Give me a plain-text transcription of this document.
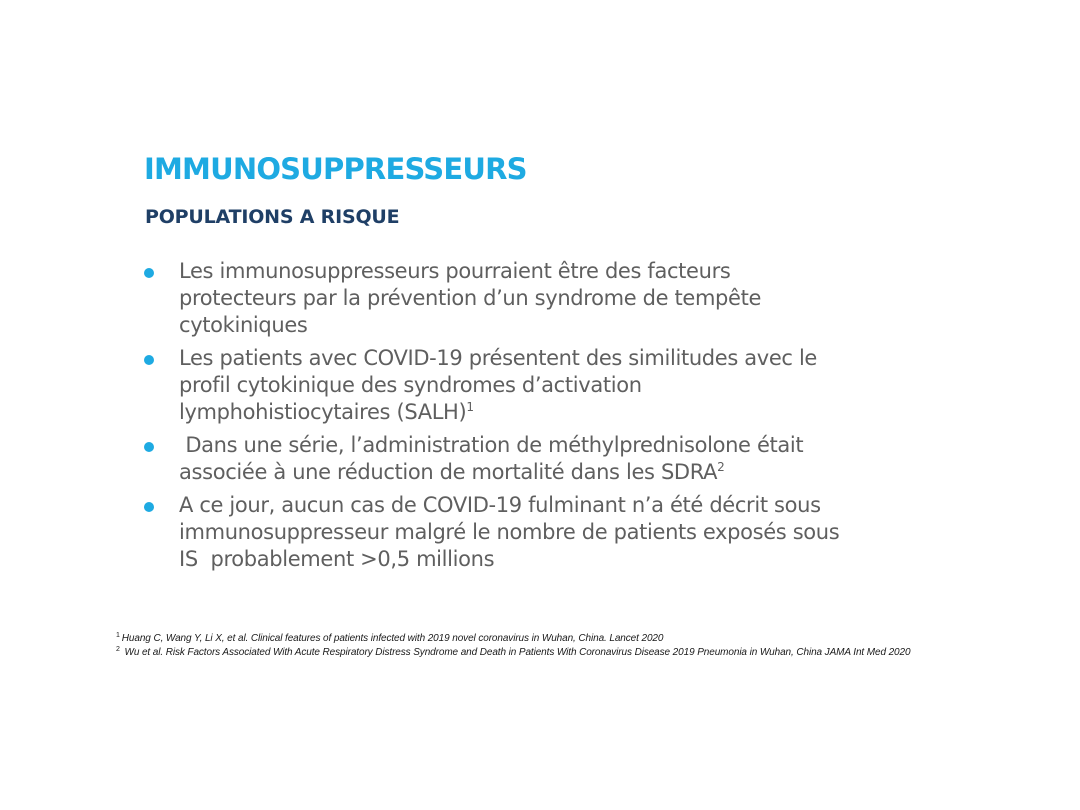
IMMUNOSUPPRESSEURS
POPULATIONS A RISQUE
Les immunosuppresseurs pourraient être des facteurs
protecteurs par la prévention d’un syndrome de tempête
cytokiniques
Les patients avec COVID-19 présentent des similitudes avec le
profil cytokinique des syndromes d’activation
lymphohistiocytaires (SALH)$^1$
Dans une série, l’administration de méthylprednisolone était
associée à une réduction de mortalité dans les SDRA$^2$
A ce jour, aucun cas de COVID-19 fulminant n’a été décrit sous
immunosuppresseur malgré le nombre de patients exposés sous
IS  probablement >0,5 millions
$^1$ Huang C, Wang Y, Li X, et al. Clinical features of patients infected with 2019 novel coronavirus in Wuhan, China. Lancet 2020
$^2$ Wu et al. Risk Factors Associated With Acute Respiratory Distress Syndrome and Death in Patients With Coronavirus Disease 2019 Pneumonia in Wuhan, China JAMA Int Med 2020
